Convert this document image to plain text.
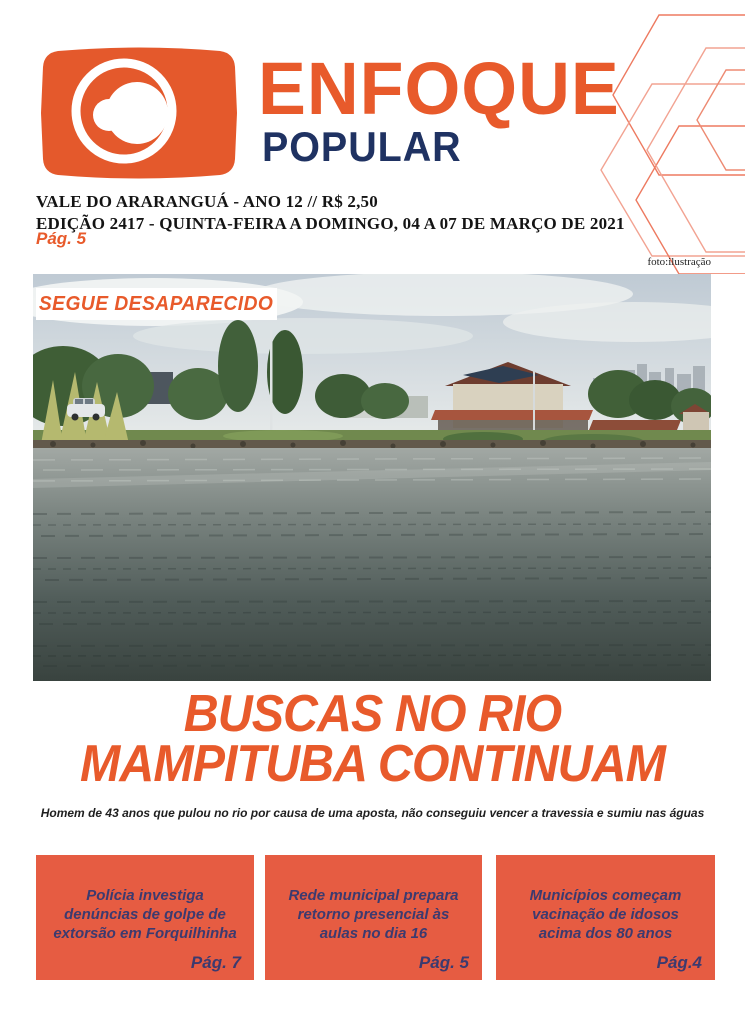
ENFOQUE
POPULAR
VALE DO ARARANGUÁ - ANO 12 // R$ 2,50
EDIÇÃO 2417 - QUINTA-FEIRA A DOMINGO, 04 A 07 DE MARÇO DE 2021
Pág. 5
foto:ilustração
SEGUE DESAPARECIDO
BUSCAS NO RIO
MAMPITUBA CONTINUAM
Homem de 43 anos que pulou no rio por causa de uma aposta, não conseguiu vencer a travessia e sumiu nas águas
Polícia investiga
denúncias de golpe de
extorsão em Forquilhinha
Pág. 7
Rede municipal prepara
retorno presencial às
aulas no dia 16
Pág. 5
Municípios começam
vacinação de idosos
acima dos 80 anos
Pág.4
